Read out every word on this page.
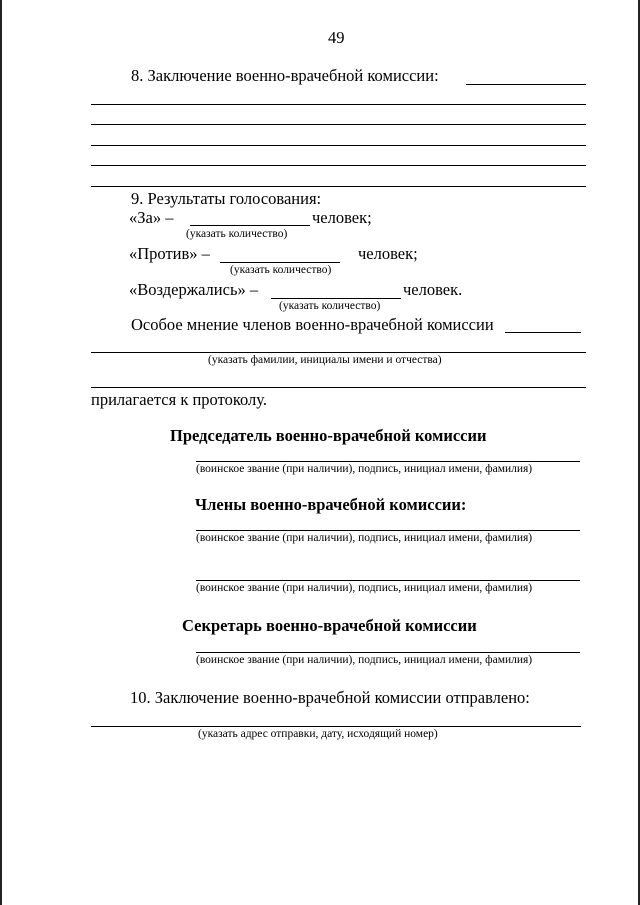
49
8. Заключение военно-врачебной комиссии:
9. Результаты голосования:
«За» –	человек;
(указать количество)
«Против» –	человек;
(указать количество)
«Воздержались» –	человек.
(указать количество)
Особое мнение членов военно-врачебной комиссии
(указать фамилии, инициалы имени и отчества)
прилагается к протоколу.
Председатель военно-врачебной комиссии
(воинское звание (при наличии), подпись, инициал имени, фамилия)
Члены военно-врачебной комиссии:
(воинское звание (при наличии), подпись, инициал имени, фамилия)
(воинское звание (при наличии), подпись, инициал имени, фамилия)
Секретарь военно-врачебной комиссии
(воинское звание (при наличии), подпись, инициал имени, фамилия)
10. Заключение военно-врачебной комиссии отправлено:
(указать адрес отправки, дату, исходящий номер)
